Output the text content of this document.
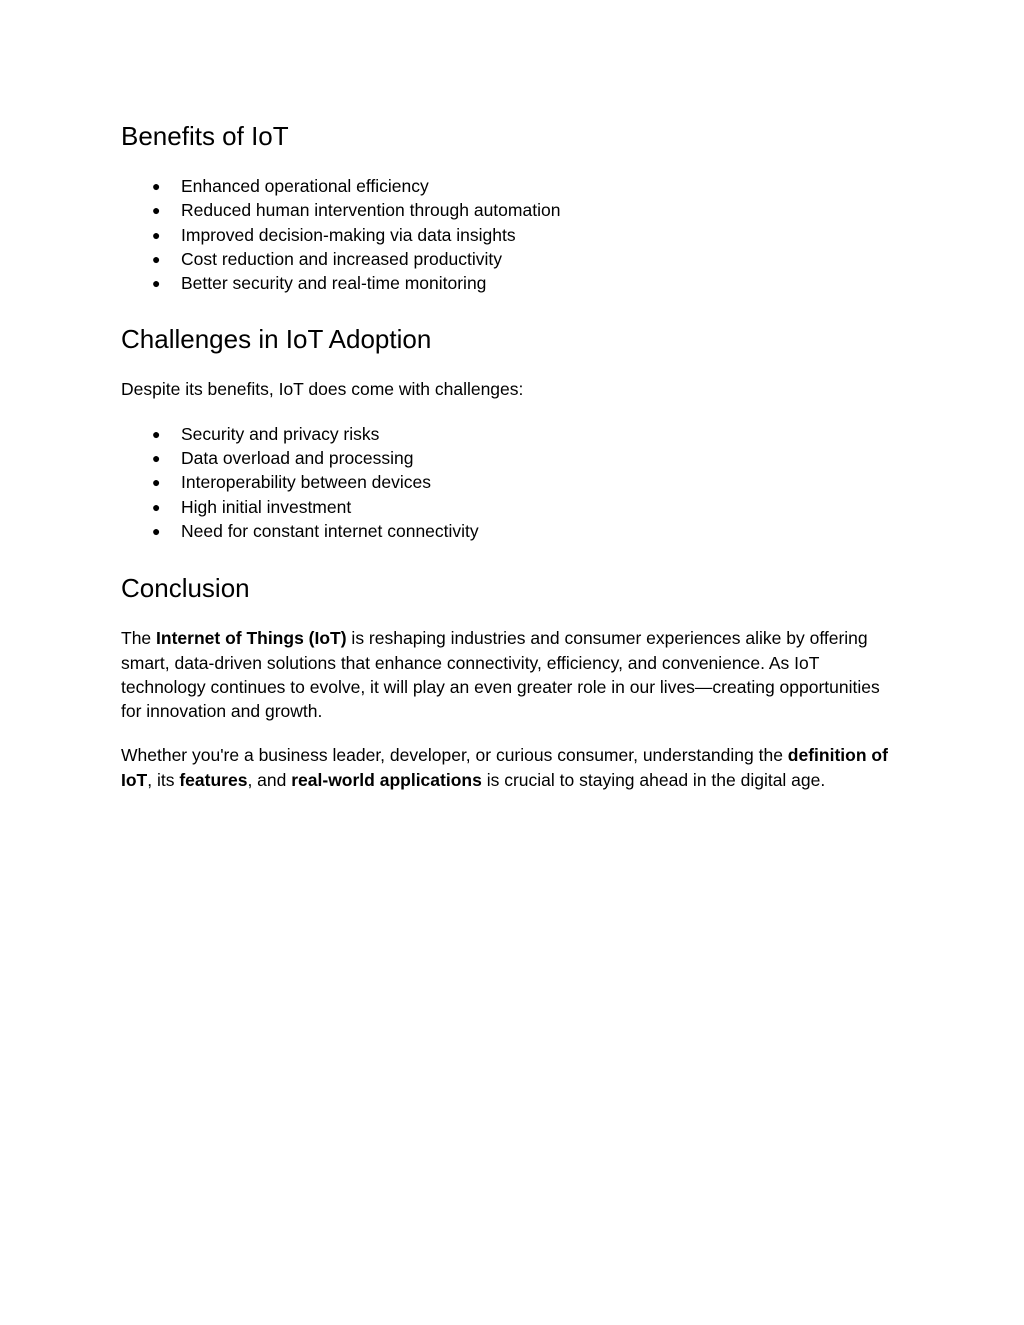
Benefits of IoT
● Enhanced operational efficiency
● Reduced human intervention through automation
● Improved decision-making via data insights
● Cost reduction and increased productivity
● Better security and real-time monitoring
Challenges in IoT Adoption

Despite its benefits, IoT does come with challenges:

● Security and privacy risks
● Data overload and processing
● Interoperability between devices
● High initial investment
● Need for constant internet connectivity
Conclusion

The Internet of Things (IoT) is reshaping industries and consumer experiences alike by offering smart, data-driven solutions that enhance connectivity, efficiency, and convenience. As IoT technology continues to evolve, it will play an even greater role in our lives—creating opportunities for innovation and growth.

Whether you're a business leader, developer, or curious consumer, understanding the definition of IoT, its features, and real-world applications is crucial to staying ahead in the digital age.
